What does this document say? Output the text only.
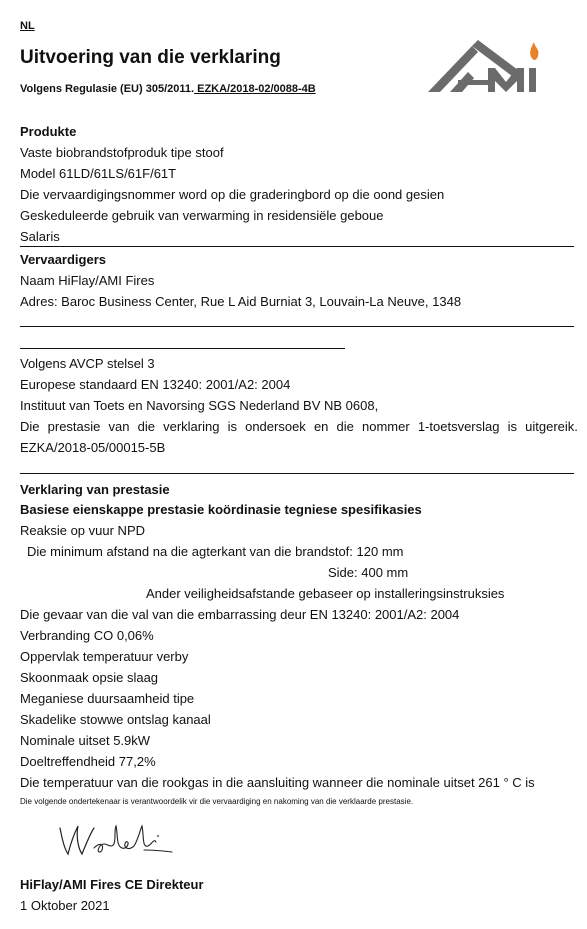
NL
Uitvoering van die verklaring
Volgens Regulasie (EU) 305/2011. EZKA/2018-02/0088-4B
AMi
Produkte
Vaste biobrandstofproduk tipe stoof
Model 61LD/61LS/61F/61T
Die vervaardigingsnommer word op die graderingbord op die oond gesien
Geskeduleerde gebruik van verwarming in residensiële geboue
Salaris
Vervaardigers
Naam HiFlay/AMI Fires
Adres: Baroc Business Center, Rue L Aid Burniat 3, Louvain-La Neuve, 1348
Volgens AVCP stelsel 3
Europese standaard EN 13240: 2001/A2: 2004
Instituut van Toets en Navorsing SGS Nederland BV NB 0608,
Die prestasie van die verklaring is ondersoek en die nommer 1-toetsverslag is uitgereik.
EZKA/2018-05/00015-5B
Verklaring van prestasie
Basiese eienskappe prestasie koördinasie tegniese spesifikasies
Reaksie op vuur NPD
Die minimum afstand na die agterkant van die brandstof: 120 mm
Side: 400 mm
Ander veiligheidsafstande gebaseer op installeringsinstruksies
Die gevaar van die val van die embarrassing deur EN 13240: 2001/A2: 2004
Verbranding CO 0,06%
Oppervlak temperatuur verby
Skoonmaak opsie slaag
Meganiese duursaamheid tipe
Skadelike stowwe ontslag kanaal
Nominale uitset 5.9kW
Doeltreffendheid 77,2%
Die temperatuur van die rookgas in die aansluiting wanneer die nominale uitset 261 ° C is
Die volgende ondertekenaar is verantwoordelik vir die vervaardiging en nakoming van die verklaarde prestasie.
HiFlay/AMI Fires CE Direkteur
1 Oktober 2021
